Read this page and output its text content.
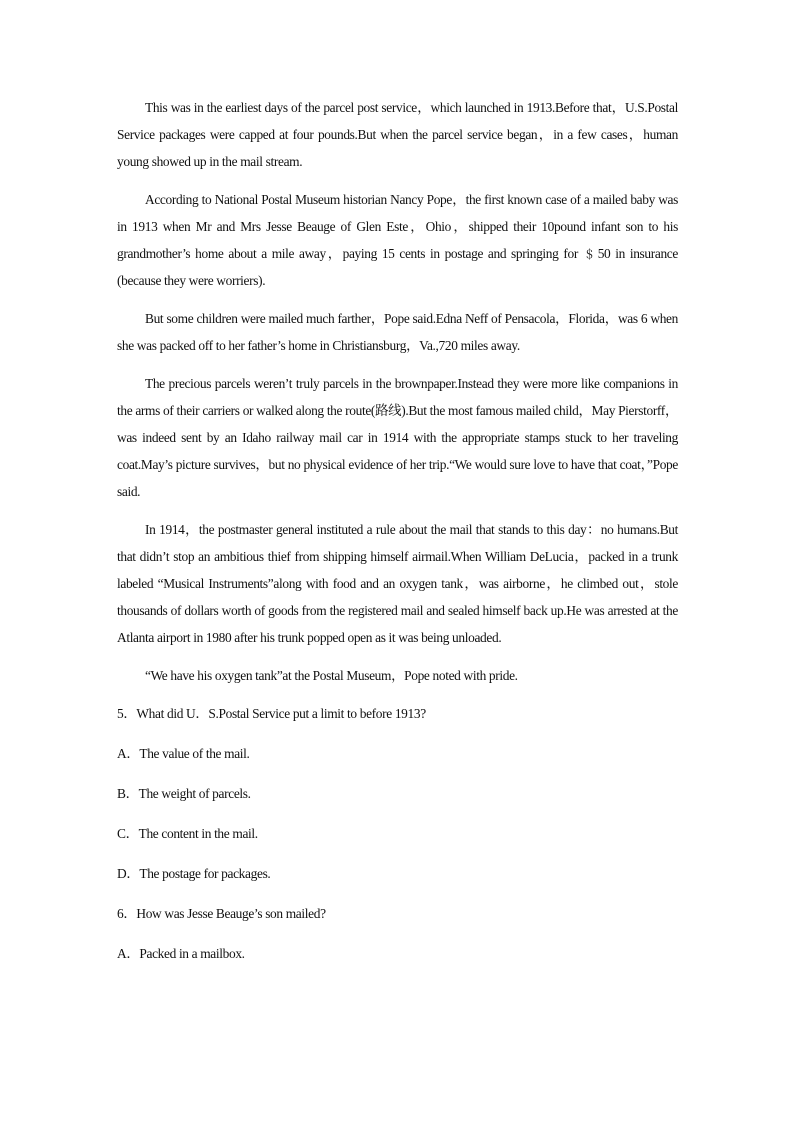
This was in the earliest days of the parcel post service，which launched in 1913.Before that，U.S.Postal Service packages were capped at four pounds.But when the parcel service began，in a few cases，human young showed up in the mail stream.

According to National Postal Museum historian Nancy Pope，the first known case of a mailed baby was in 1913 when Mr and Mrs Jesse Beauge of Glen Este，Ohio，shipped their 10pound infant son to his grandmother’s home about a mile away，paying 15 cents in postage and springing for ﹩50 in insurance (because they were worriers).

But some children were mailed much farther，Pope said.Edna Neff of Pensacola，Florida，was 6 when she was packed off to her father’s home in Christiansburg，Va.,720 miles away.

The precious parcels weren’t truly parcels in the brownpaper.Instead they were more like companions in the arms of their carriers or walked along the route(路线).But the most famous mailed child，May Pierstorff，was indeed sent by an Idaho railway mail car in 1914 with the appropriate stamps stuck to her traveling coat.May’s picture survives，but no physical evidence of her trip.“We would sure love to have that coat，”Pope said.

In 1914，the postmaster general instituted a rule about the mail that stands to this day：no humans.But that didn’t stop an ambitious thief from shipping himself airmail.When William DeLucia，packed in a trunk labeled “Musical Instruments”along with food and an oxygen tank，was airborne，he climbed out，stole thousands of dollars worth of goods from the registered mail and sealed himself back up.He was arrested at the Atlanta airport in 1980 after his trunk popped open as it was being unloaded.

“We have his oxygen tank”at the Postal Museum，Pope noted with pride.

5．What did U．S.Postal Service put a limit to before 1913?

A．The value of the mail.

B．The weight of parcels.

C．The content in the mail.

D．The postage for packages.

6．How was Jesse Beauge’s son mailed?

A．Packed in a mailbox.
